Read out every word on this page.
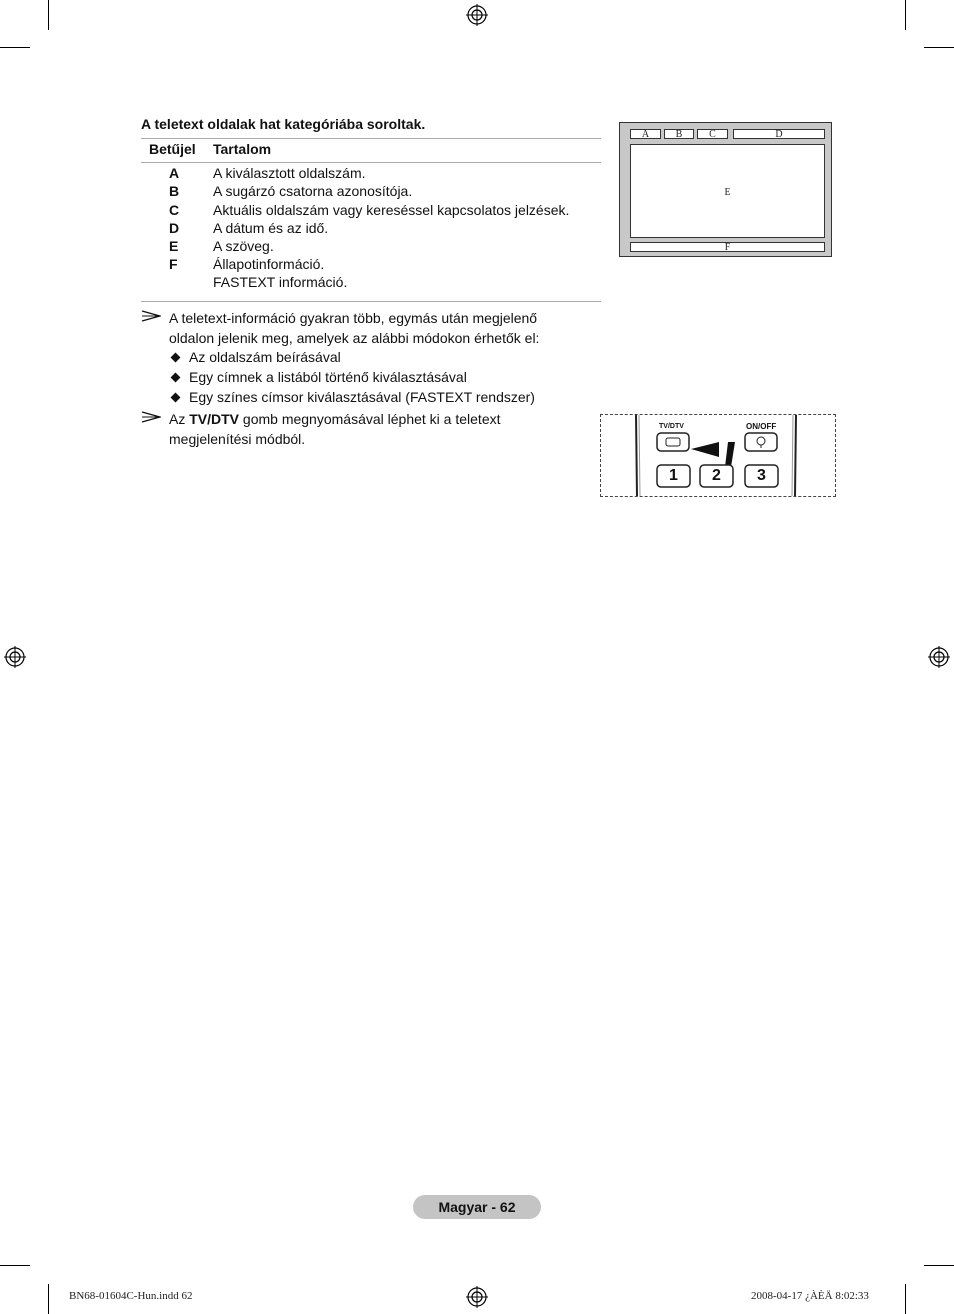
A teletext oldalak hat kategóriába soroltak.
Betűjel Tartalom
A A kiválasztott oldalszám.
B A sugárzó csatorna azonosítója.
C Aktuális oldalszám vagy kereséssel kapcsolatos jelzések.
D A dátum és az idő.
E A szöveg.
F	Állapotinformáció.
FASTEXT információ.
A teletext-információ gyakran több, egymás után megjelenő
oldalon jelenik meg, amelyek az alábbi módokon érhetők el:
Az oldalszám beírásával
Egy címnek a listából történő kiválasztásával
Egy színes címsor kiválasztásával (FASTEXT rendszer)
Az TV/DTV gomb megnyomásával léphet ki a teletext
megjelenítési módból.
A	B	C	D
E
F
TV/DTV	ON/OFF
1	2	3
Magyar - 62
BN68-01604C-Hun.indd 62	2008-04-17 ¿ÀÈÄ 8:02:33
